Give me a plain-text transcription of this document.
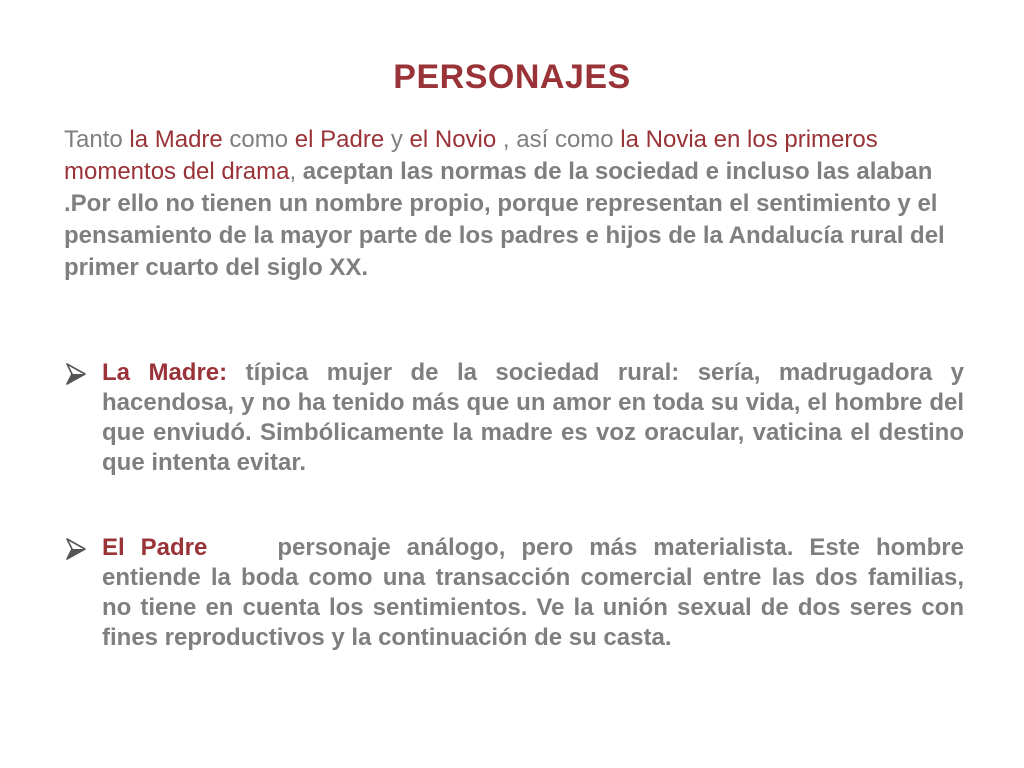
PERSONAJES
Tanto la Madre como el Padre y el Novio , así como la Novia en los primeros momentos del drama, aceptan las normas de la sociedad e incluso las alaban .Por ello no tienen un nombre propio, porque representan el sentimiento y el pensamiento de la mayor parte de los padres e hijos de la Andalucía rural del primer cuarto del siglo XX.
La Madre: típica mujer de la sociedad rural: sería, madrugadora y hacendosa, y no ha tenido más que un amor en toda su vida, el hombre del que enviudó. Simbólicamente la madre es voz oracular, vaticina el destino que intenta evitar.
El Padre	personaje análogo, pero más materialista. Este hombre entiende la boda como una transacción comercial entre las dos familias, no tiene en cuenta los sentimientos. Ve la unión sexual de dos seres con fines reproductivos y la continuación de su casta.
